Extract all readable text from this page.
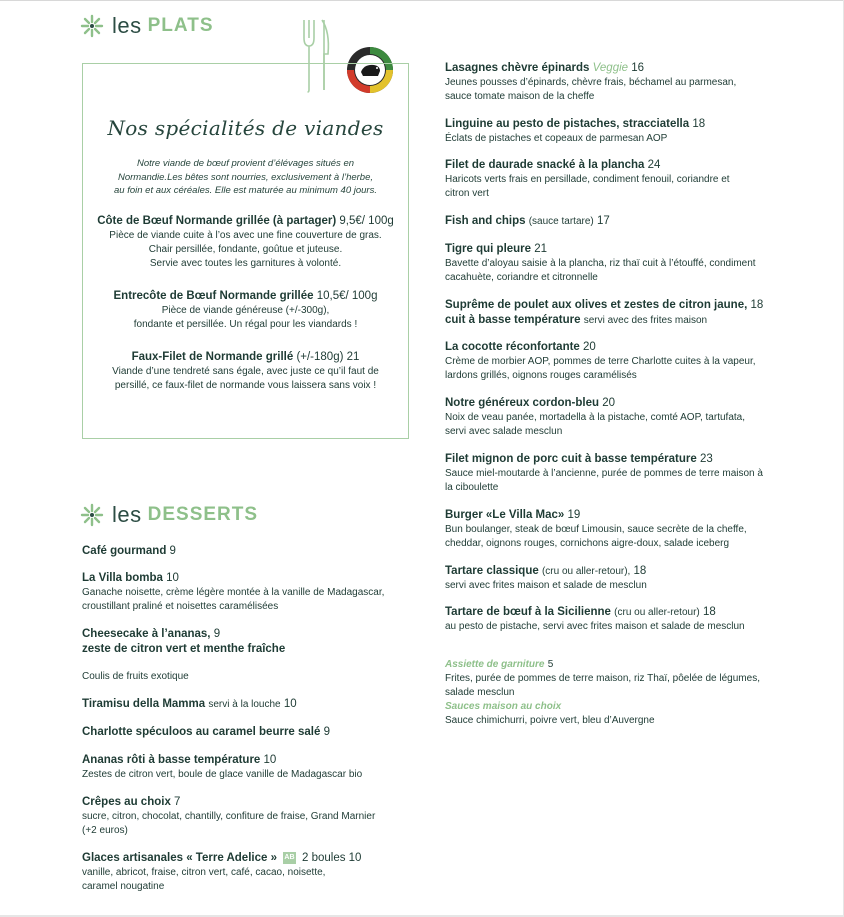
les PLATS
Nos spécialités de viandes
Notre viande de bœuf provient d’élévages situés en
Normandie.Les bêtes sont nourries, exclusivement à l’herbe,
au foin et aux céréales. Elle est maturée au minimum 40 jours.
Côte de Bœuf Normande grillée (à partager) 9,5€/ 100g
Pièce de viande cuite à l’os avec une fine couverture de gras.
Chair persillée, fondante, goûtue et juteuse.
Servie avec toutes les garnitures à volonté.
Entrecôte de Bœuf Normande grillée 10,5€/ 100g
Pièce de viande généreuse (+/-300g),
fondante et persillée. Un régal pour les viandards !
Faux-Filet de Normande grillé (+/-180g) 21
Viande d’une tendreté sans égale, avec juste ce qu’il faut de
persillé, ce faux-filet de normande vous laissera sans voix !
les DESSERTS
Café gourmand 9
La Villa bomba 10
Ganache noisette, crème légère montée à la vanille de Madagascar,
croustillant praliné et noisettes caramélisées
Cheesecake à l’ananas, 9
zeste de citron vert et menthe fraîche
Coulis de fruits exotique
Tiramisu della Mamma servi à la louche 10
Charlotte spéculoos au caramel beurre salé 9
Ananas rôti à basse température 10
Zestes de citron vert, boule de glace vanille de Madagascar bio
Crêpes au choix 7
sucre, citron, chocolat, chantilly, confiture de fraise, Grand Marnier
(+2 euros)
Glaces artisanales « Terre Adelice » AB 2 boules 10
vanille, abricot, fraise, citron vert, café, cacao, noisette,
caramel nougatine
Lasagnes chèvre épinards Veggie 16
Jeunes pousses d’épinards, chèvre frais, béchamel au parmesan,
sauce tomate maison de la cheffe
Linguine au pesto de pistaches, stracciatella 18
Éclats de pistaches et copeaux de parmesan AOP
Filet de daurade snacké à la plancha 24
Haricots verts frais en persillade, condiment fenouil, coriandre et
citron vert
Fish and chips (sauce tartare) 17
Tigre qui pleure 21
Bavette d’aloyau saisie à la plancha, riz thaï cuit à l’étouffé, condiment
cacahuète, coriandre et citronnelle
Suprême de poulet aux olives et zestes de citron jaune, 18
cuit à basse température servi avec des frites maison
La cocotte réconfortante 20
Crème de morbier AOP, pommes de terre Charlotte cuites à la vapeur,
lardons grillés, oignons rouges caramélisés
Notre généreux cordon-bleu 20
Noix de veau panée, mortadella à la pistache, comté AOP, tartufata,
servi avec salade mesclun
Filet mignon de porc cuit à basse température 23
Sauce miel-moutarde à l’ancienne, purée de pommes de terre maison à
la ciboulette
Burger «Le Villa Mac» 19
Bun boulanger, steak de bœuf Limousin, sauce secrète de la cheffe,
cheddar, oignons rouges, cornichons aigre-doux, salade iceberg
Tartare classique (cru ou aller-retour), 18
servi avec frites maison et salade de mesclun
Tartare de bœuf à la Sicilienne (cru ou aller-retour) 18
au pesto de pistache, servi avec frites maison et salade de mesclun
Assiette de garniture 5
Frites, purée de pommes de terre maison, riz Thaï, pôelée de légumes,
salade mesclun
Sauces maison au choix
Sauce chimichurri, poivre vert, bleu d’Auvergne
